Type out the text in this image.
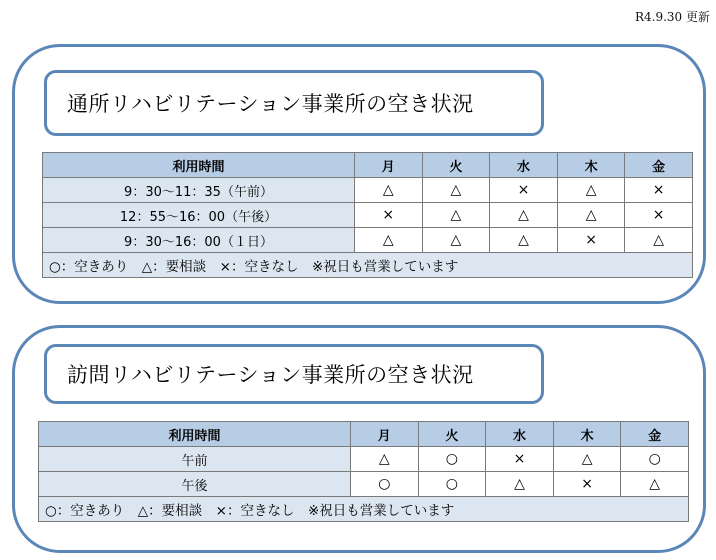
R4.9.30 更新
通所リハビリテーション事業所の空き状況
利用時間	月	火	水	木	金
9：30～11：35（午前）	△	△	×	△	×
12：55～16：00（午後）	×	△	△	△	×
9：30～16：00（１日）	△	△	△	×	△
○：空きあり　△：要相談　×：空きなし　※祝日も営業しています					
訪問リハビリテーション事業所の空き状況
利用時間	月	火	水	木	金
午前	△	○	×	△	○
午後	○	○	△	×	△
○：空きあり　△：要相談　×：空きなし　※祝日も営業しています					
